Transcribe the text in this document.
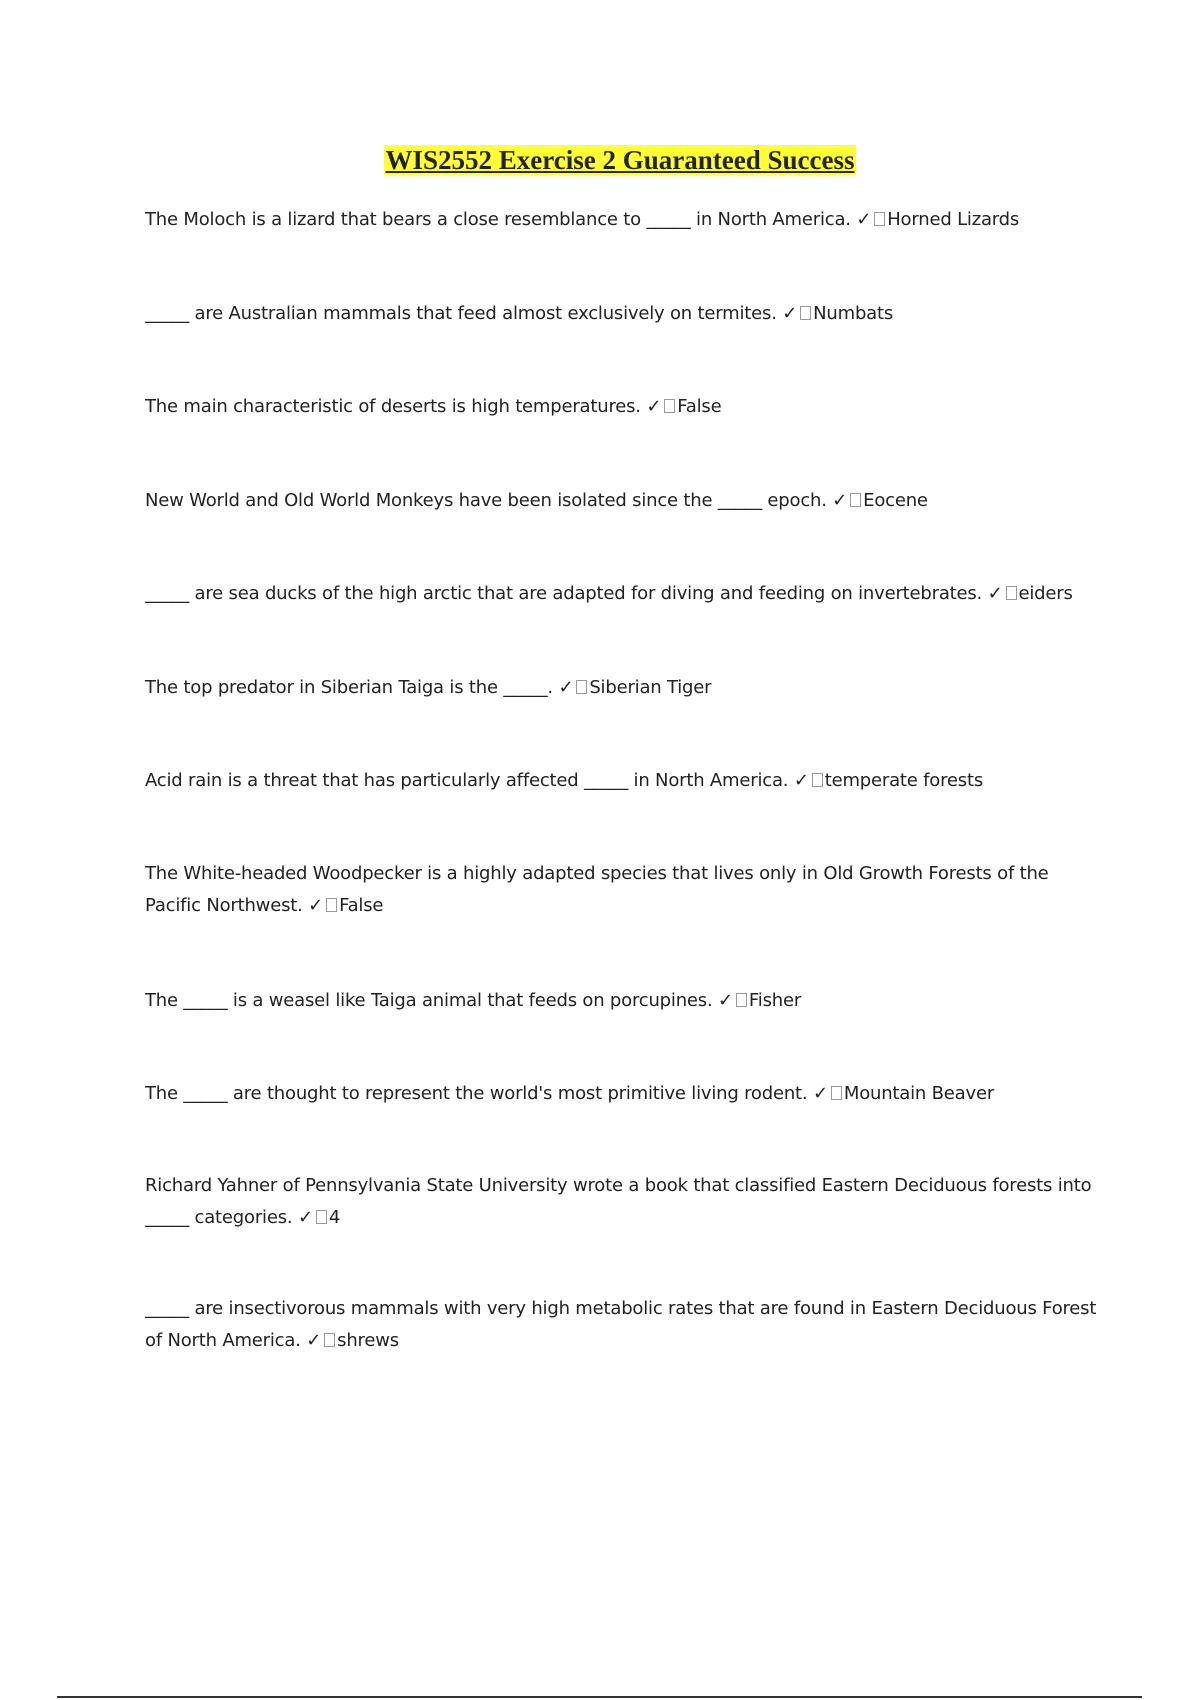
WIS2552 Exercise 2 Guaranteed Success

The Moloch is a lizard that bears a close resemblance to _____ in North America. ✓ Horned Lizards

_____ are Australian mammals that feed almost exclusively on termites. ✓ Numbats

The main characteristic of deserts is high temperatures. ✓ False

New World and Old World Monkeys have been isolated since the _____ epoch. ✓ Eocene

_____ are sea ducks of the high arctic that are adapted for diving and feeding on invertebrates. ✓ eiders

The top predator in Siberian Taiga is the _____. ✓ Siberian Tiger

Acid rain is a threat that has particularly affected _____ in North America. ✓ temperate forests

The White-headed Woodpecker is a highly adapted species that lives only in Old Growth Forests of the Pacific Northwest. ✓ False

The _____ is a weasel like Taiga animal that feeds on porcupines. ✓ Fisher

The _____ are thought to represent the world's most primitive living rodent. ✓ Mountain Beaver

Richard Yahner of Pennsylvania State University wrote a book that classified Eastern Deciduous forests into _____ categories. ✓ 4

_____ are insectivorous mammals with very high metabolic rates that are found in Eastern Deciduous Forest of North America. ✓ shrews
